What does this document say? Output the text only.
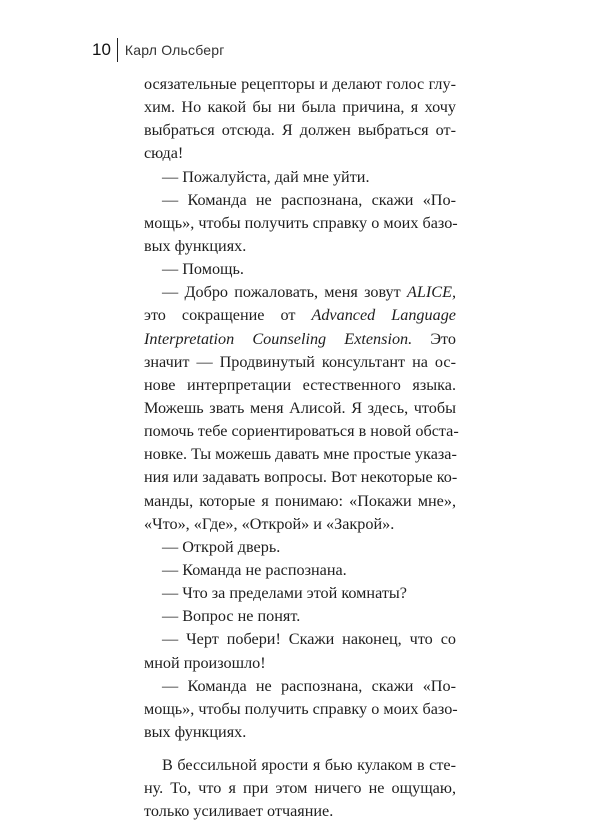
10	Карл Ольсберг
осязательные рецепторы и делают голос глу-
хим. Но какой бы ни была причина, я хочу
выбраться отсюда. Я должен выбраться от-
сюда!
— Пожалуйста, дай мне уйти.
— Команда не распознана, скажи «По-
мощь», чтобы получить справку о моих базо-
вых функциях.
— Помощь.
— Добро пожаловать, меня зовут ALICE,
это сокращение от Advanced Language
Interpretation Counseling Extension. Это
значит — Продвинутый консультант на ос-
нове интерпретации естественного языка.
Можешь звать меня Алисой. Я здесь, чтобы
помочь тебе сориентироваться в новой обста-
новке. Ты можешь давать мне простые указа-
ния или задавать вопросы. Вот некоторые ко-
манды, которые я понимаю: «Покажи мне»,
«Что», «Где», «Открой» и «Закрой».
— Открой дверь.
— Команда не распознана.
— Что за пределами этой комнаты?
— Вопрос не понят.
— Черт побери! Скажи наконец, что со
мной произошло!
— Команда не распознана, скажи «По-
мощь», чтобы получить справку о моих базо-
вых функциях.
В бессильной ярости я бью кулаком в сте-
ну. То, что я при этом ничего не ощущаю,
только усиливает отчаяние.
